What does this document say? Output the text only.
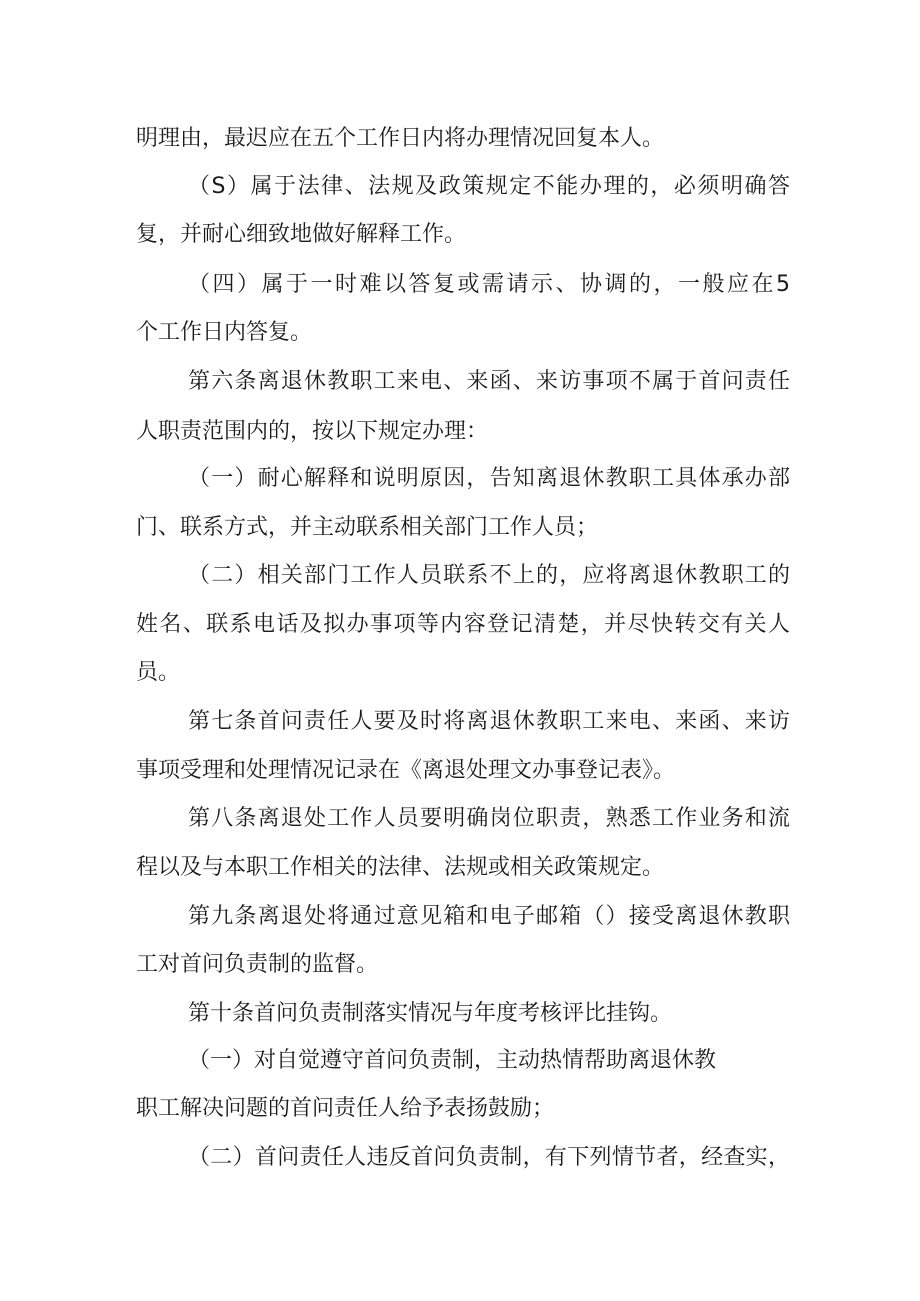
明理由，最迟应在五个工作日内将办理情况回复本人。

（S）属于法律、法规及政策规定不能办理的，必须明确答

复，并耐心细致地做好解释工作。

（四）属于一时难以答复或需请示、协调的，一般应在5

个工作日内答复。

第六条离退休教职工来电、来函、来访事项不属于首问责任

人职责范围内的，按以下规定办理：

（一）耐心解释和说明原因，告知离退休教职工具体承办部

门、联系方式，并主动联系相关部门工作人员；

（二）相关部门工作人员联系不上的，应将离退休教职工的

姓名、联系电话及拟办事项等内容登记清楚，并尽快转交有关人

员。

第七条首问责任人要及时将离退休教职工来电、来函、来访

事项受理和处理情况记录在《离退处理文办事登记表》。

第八条离退处工作人员要明确岗位职责，熟悉工作业务和流

程以及与本职工作相关的法律、法规或相关政策规定。

第九条离退处将通过意见箱和电子邮箱（）接受离退休教职

工对首问负责制的监督。

第十条首问负责制落实情况与年度考核评比挂钩。

（一）对自觉遵守首问负责制，主动热情帮助离退休教

职工解决问题的首问责任人给予表扬鼓励；

（二）首问责任人违反首问负责制，有下列情节者，经查实，
